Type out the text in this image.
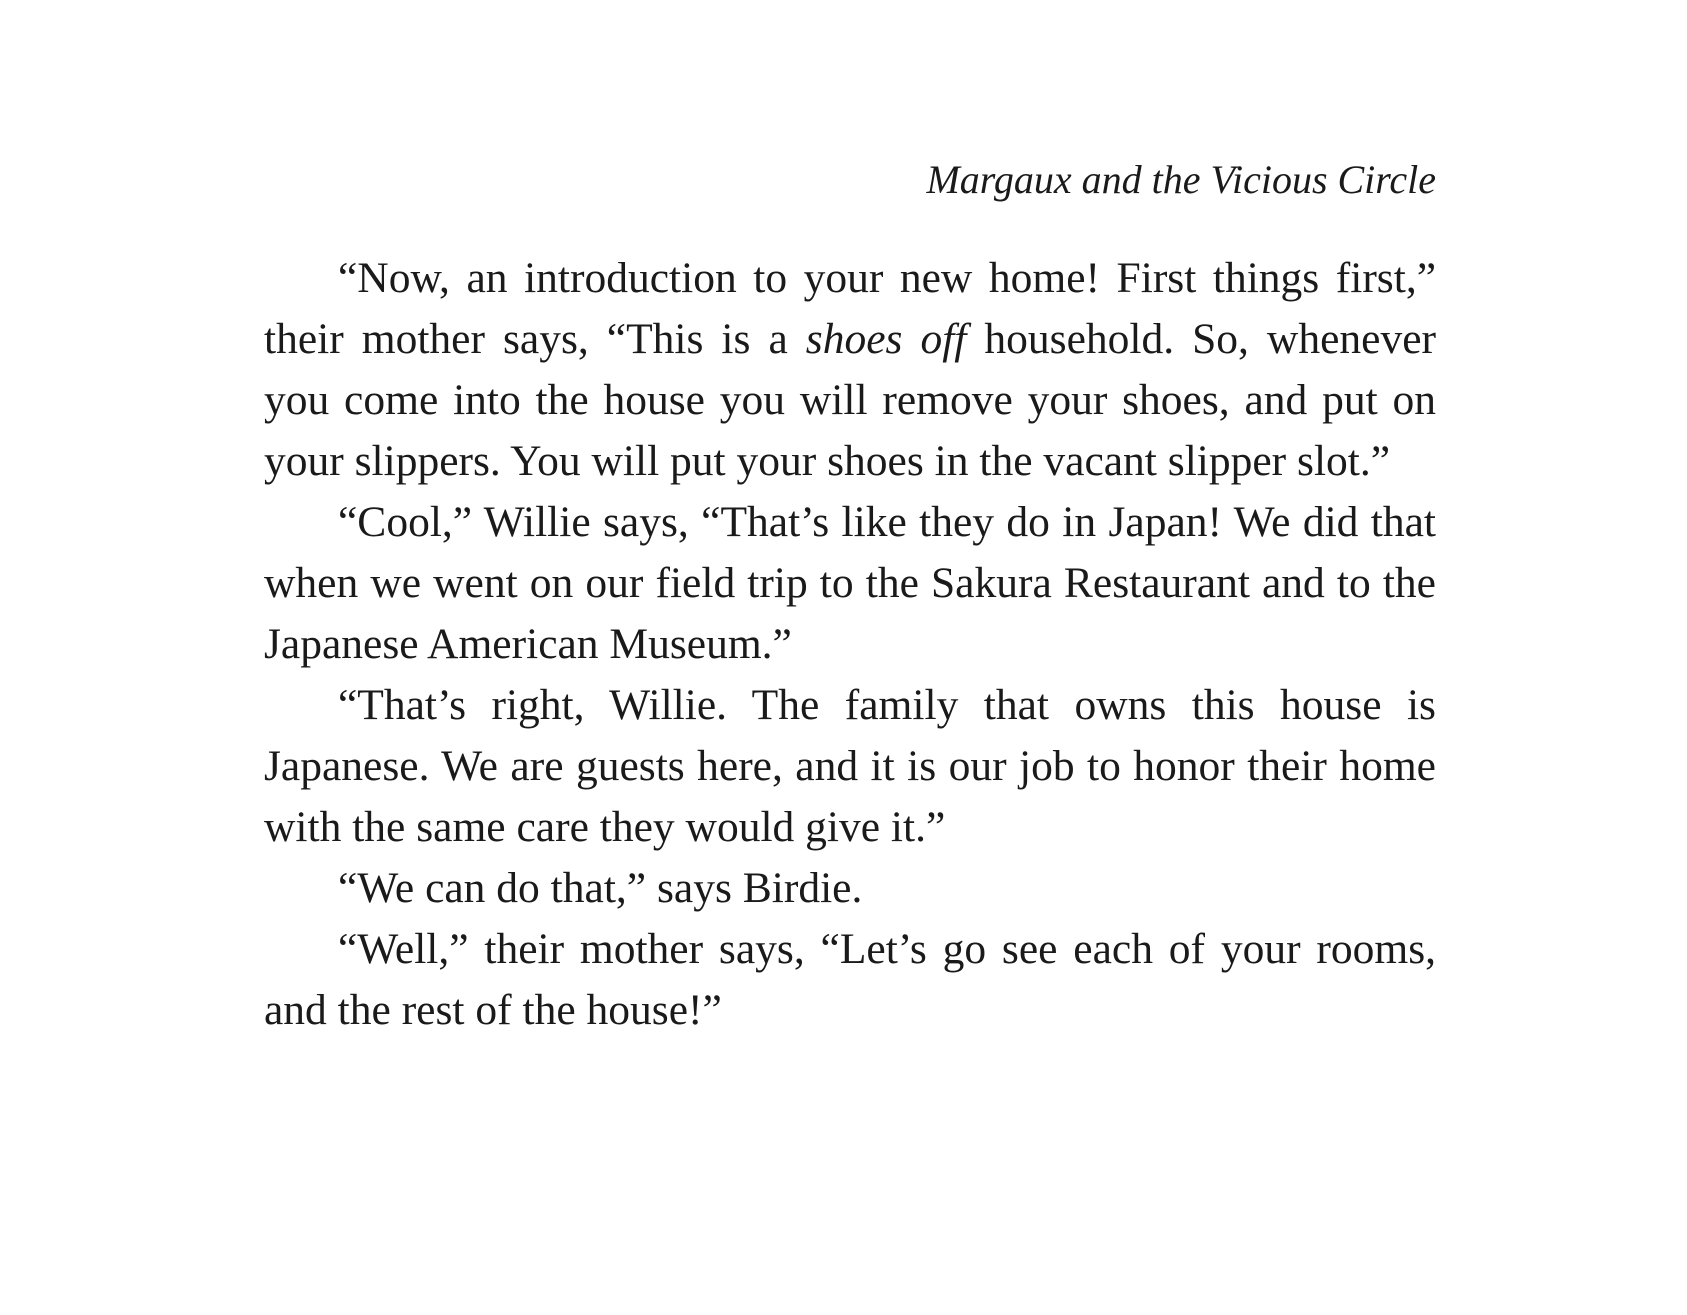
Margaux and the Vicious Circle

“Now, an introduction to your new home! First things first,” their mother says, “This is a shoes off household. So, whenever you come into the house you will remove your shoes, and put on your slippers. You will put your shoes in the vacant slipper slot.”

“Cool,” Willie says, “That’s like they do in Japan! We did that when we went on our field trip to the Sakura Restaurant and to the Japanese American Museum.”

“That’s right, Willie. The family that owns this house is Japanese. We are guests here, and it is our job to honor their home with the same care they would give it.”

“We can do that,” says Birdie.

“Well,” their mother says, “Let’s go see each of your rooms, and the rest of the house!”
